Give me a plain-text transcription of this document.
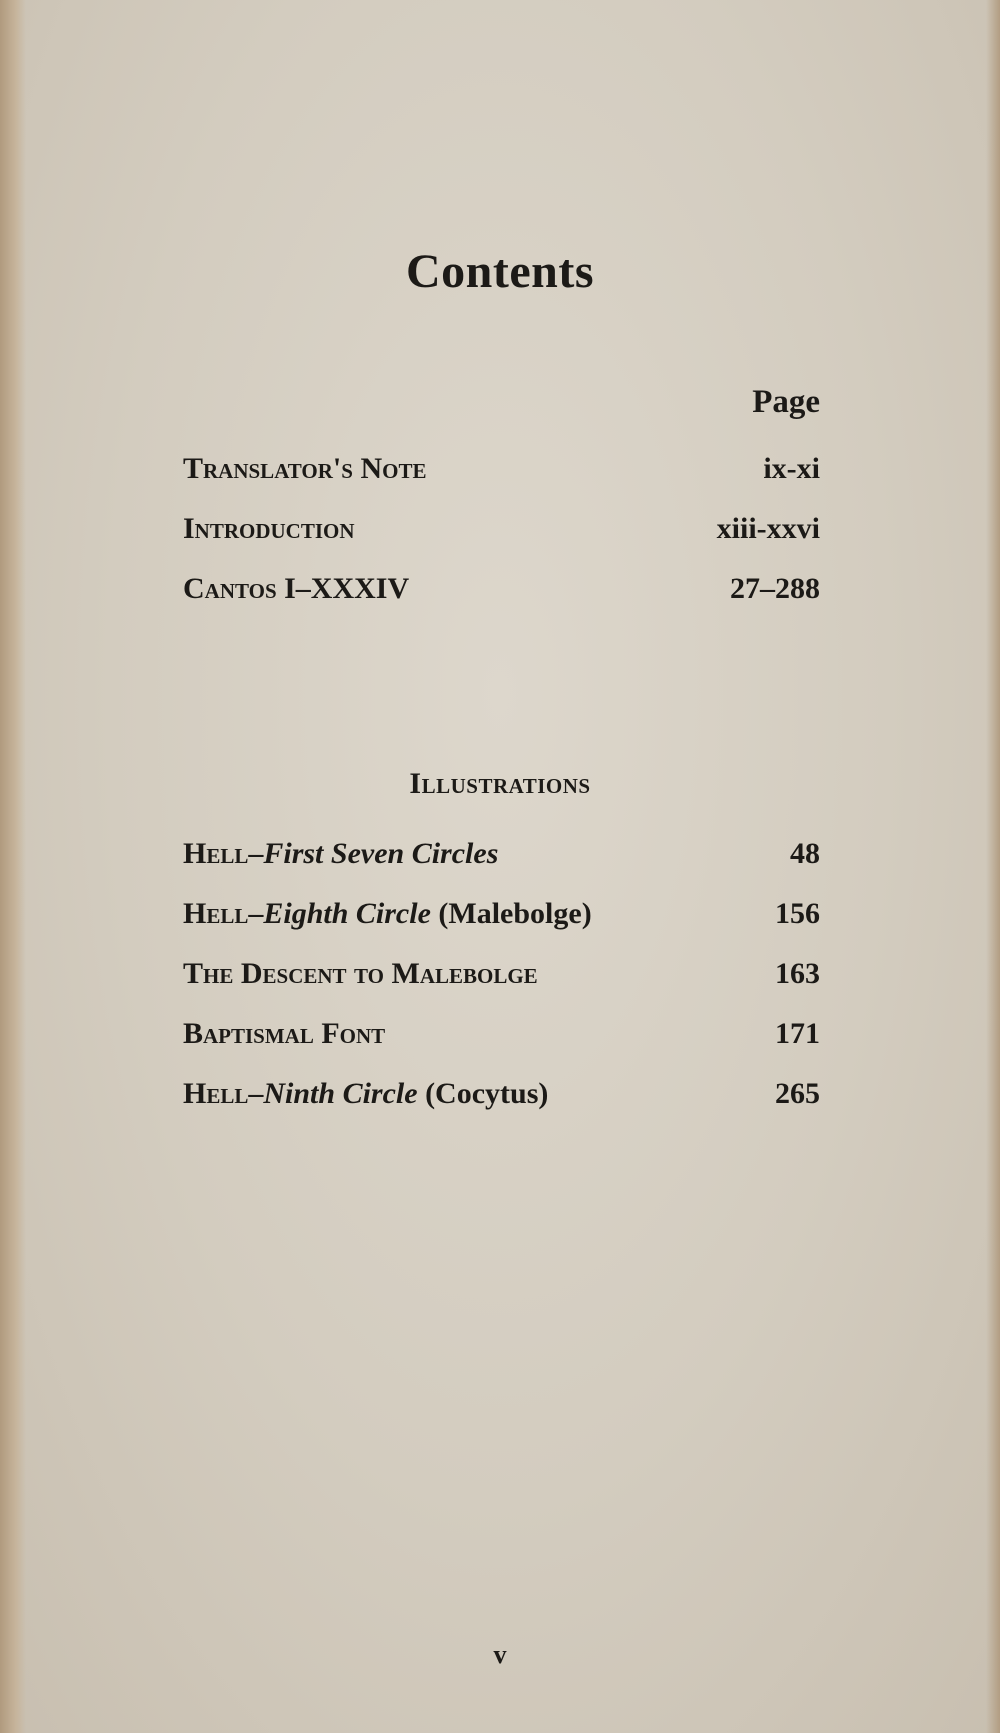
Contents
Page
Translator's Note	ix-xi
Introduction	xiii-xxvi
Cantos I–XXXIV	27–288
Illustrations
Hell–First Seven Circles	48
Hell–Eighth Circle (Malebolge)	156
The Descent to Malebolge	163
Baptismal Font	171
Hell–Ninth Circle (Cocytus)	265
v
